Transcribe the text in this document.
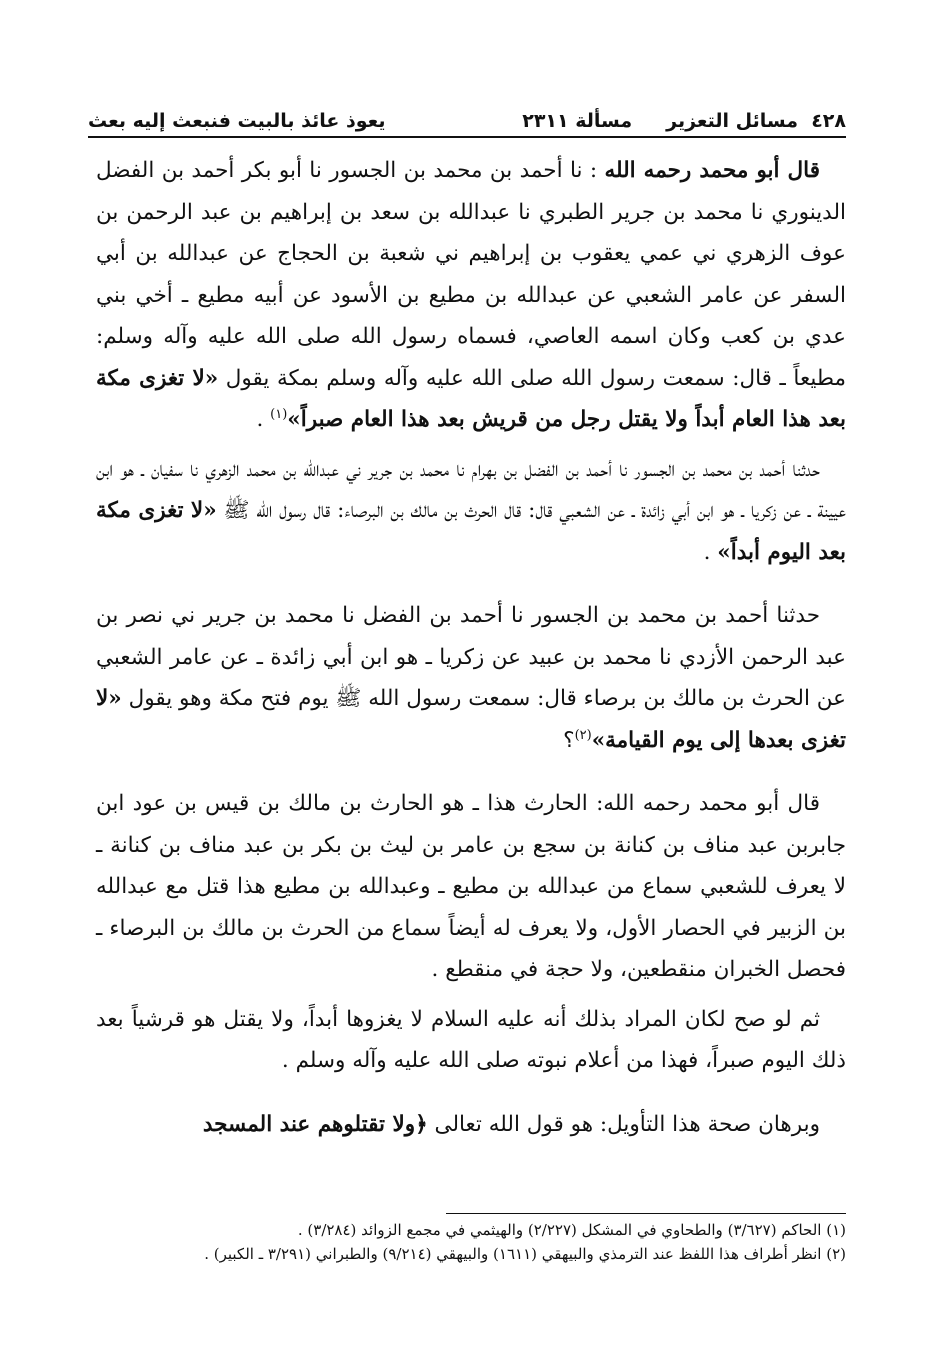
٤٢٨  مسائل التعزير
مسألة ٢٣١١
يعوذ عائذ بالبيت فنبعث إليه بعث

قال أبو محمد رحمه الله : نا أحمد بن محمد بن الجسور نا أبو بكر أحمد بن الفضل الدينوري نا محمد بن جرير الطبري نا عبدالله بن سعد بن إبراهيم بن عبد الرحمن بن عوف الزهري ني عمي يعقوب بن إبراهيم ني شعبة بن الحجاج عن عبدالله بن أبي السفر عن عامر الشعبي عن عبدالله بن مطيع بن الأسود عن أبيه مطيع ـ أخي بني عدي بن كعب وكان اسمه العاصي، فسماه رسول الله صلى الله عليه وآله وسلم: مطيعاً ـ قال: سمعت رسول الله صلى الله عليه وآله وسلم بمكة يقول «لا تغزى مكة بعد هذا العام أبداً ولا يقتل رجل من قريش بعد هذا العام صبراً»$^{(١)}$ .

حدثنا أحمد بن محمد بن الجسور نا أحمد بن الفضل بن بهرام نا محمد بن جرير ني عبدالله بن محمد الزهري نا سفيان ـ هو ابن عيينة ـ عن زكريا ـ هو ابن أبي زائدة ـ عن الشعبي قال: قال الحرث بن مالك بن البرصاء: قال رسول الله ﷺ «لا تغزى مكة بعد اليوم أبداً» .

حدثنا أحمد بن محمد بن الجسور نا أحمد بن الفضل نا محمد بن جرير ني نصر بن عبد الرحمن الأزدي نا محمد بن عبيد عن زكريا ـ هو ابن أبي زائدة ـ عن عامر الشعبي عن الحرث بن مالك بن برصاء قال: سمعت رسول الله ﷺ يوم فتح مكة وهو يقول «لا تغزى بعدها إلى يوم القيامة»$^{(٢)}$؟

قال أبو محمد رحمه الله: الحارث هذا ـ هو الحارث بن مالك بن قيس بن عود ابن جابربن عبد مناف بن كنانة بن سجع بن عامر بن ليث بن بكر بن عبد مناف بن كنانة ـ لا يعرف للشعبي سماع من عبدالله بن مطيع ـ وعبدالله بن مطيع هذا قتل مع عبدالله بن الزبير في الحصار الأول، ولا يعرف له أيضاً سماع من الحرث بن مالك بن البرصاء ـ فحصل الخبران منقطعين، ولا حجة في منقطع .

ثم لو صح لكان المراد بذلك أنه عليه السلام لا يغزوها أبداً، ولا يقتل هو قرشياً بعد ذلك اليوم صبراً، فهذا من أعلام نبوته صلى الله عليه وآله وسلم .

وبرهان صحة هذا التأويل: هو قول الله تعالى ﴿ولا تقتلوهم عند المسجد

(١) الحاكم (٣/٦٢٧) والطحاوي في المشكل (٢/٢٢٧) والهيثمي في مجمع الزوائد (٣/٢٨٤) .
(٢) انظر أطراف هذا اللفظ عند الترمذي والبيهقي (١٦١١) والبيهقي (٩/٢١٤) والطبراني (٣/٢٩١ ـ الكبير) .
